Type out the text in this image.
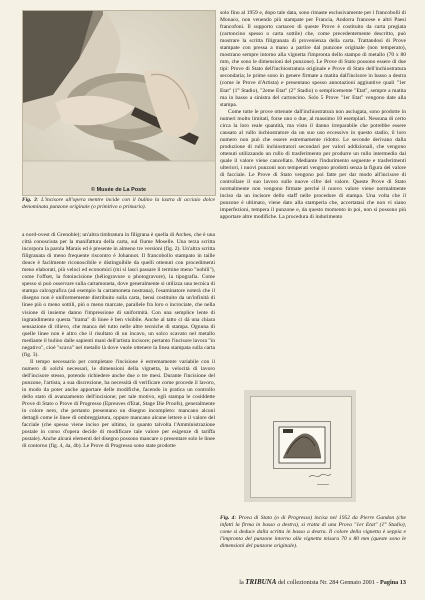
© Musée de La Poste
Fig. 3: L'incisore all'opera mentre incide con il bulino la lastra di acciaio dolce denominata punzone originale (o primitivo o primario).

a nord-ovest di Grenoble); un'altra timbratura in filigrana è quella di Arches, che è una città conosciuta per la manifattura della carta, sul fiume Moselle. Una terza scritta incorpora la parola Marais ed è presente in almeno tre versioni (fig. 2). Un'altra scritta filigranata di meno frequente riscontro è Johannot. Il francobollo stampato in taille douce è facilmente riconoscibile e distinguibile da quelli ottenuti con procedimenti meno elaborati, più veloci ed economici (mi si lasci passare il termine meno "nobili"), come l'offset, la fotoincisione (héliogravure o photogravure), la tipografia. Come spesso si può osservare sulla cartamoneta, dove generalmente si utilizza una tecnica di stampa calcografica (ad esempio la cartamoneta nostrana), l'esaminatore noterà che il disegno non è uniformemente distribuito sulla carta, bensì costituito da un'infinità di linee più o meno sottili, più o meno marcate, parallele fra loro o incrociate, che nella visione di insieme danno l'impressione di uniformità. Con una semplice lente di ingrandimento questa "trama" di linee è ben visibile. Anche al tatto ci dà una chiara sensazione di rilievo, che manca del tutto nelle altre tecniche di stampa. Ognuna di quelle linee non è altro che il risultato di un incavo, un solco scavato nel metallo mediante il bulino dalle sapienti mani dell'artista incisore; pertanto l'incisore lavora "in negativo", cioè "scava" nel metallo là dove vuole ottenere la linea stampata sulla carta (fig. 3).

Il tempo necessario per completare l'incisione è estremamente variabile con il numero di solchi necessari, le dimensioni della vignetta, la velocità di lavoro dell'incisore stesso, potendo richiedere anche due o tre mesi. Durante l'incisione del punzone, l'artista, a sua discrezione, ha necessità di verificare come procede il lavoro, in modo da poter anche apportare delle modifiche, facendo in pratica un controllo dello stato di avanzamento dell'incisione; per tale motivo, egli stampa le cosiddette Prove di Stato o Prove di Progresso (Epreuves d'Etat, Stage Die Proofs), generalmente in colore nero, che pertanto presentano un disegno incompleto: mancano alcuni dettagli come le linee di ombreggiatura, oppure mancano alcune lettere o il valore del facciale (che spesso viene inciso per ultimo, in quanto talvolta l'Amministrazione postale in corso d'opera decide di modificare tale valore per esigenze di tariffa postale). Anche alcuni elementi del disegno possono mancare o presentare solo le linee di contorno (fig. 4, 4a, 4b). Le Prove di Progresso sono state prodotte

solo fino al 1959 e, dopo tale data, sono rimaste esclusivamente per i francobolli di Monaco, non venendo più stampate per Francia, Andorra francese e altri Paesi francofoni. Il supporto cartaceo di queste Prove è costituito da carta pregiata (cartoncino spesso o carta sottile) che, come precedentemente descritto, può mostrare la scritta filigranata di provenienza della carta. Trattandosi di Prove stampate con pressa a mano a partire dal punzone originale (non temperato), mostrano sempre intorno alla vignetta l'impronta dello stampo di metallo (70 x 80 mm, che sono le dimensioni del punzone). Le Prove di Stato possono essere di due tipi: Prove di Stato dell'inchiostratura originale e Prove di Stato dell'inchiostratura secondaria; le prime sono in genere firmate a matita dall'incisore in basso a destra (come le Prove d'Artista) e presentano spesso annotazioni aggiuntive quali "1er Etat" (1° Stadio), "2eme Etat" (2° Stadio) o semplicemente "Etat", sempre a matita ma in basso a sinistra del cartoncino. Solo 5 Prove "1er Etat" vengono date alla stampa.

Come tutte le prove ottenute dall'inchiostratura non asciugata, sono prodotte in numeri molto limitati, forse uno o due, al massimo 10 esemplari. Nessuna di certo circa la loro reale quantità, ma visto il danno irreparabile che potrebbe essere causato al rullo inchiostratore da un suo uso eccessivo in questo stadio, il loro numero non può che essere estremamente ridotto. Le seconde derivano dalla produzione di rulli inchiostratori secondari per valori addizionali, che vengono ottenuti utilizzando un rullo di trasferimento per produrre un rullo intermedio dal quale il valore viene cancellato. Mediante l'indurimento seguente e trasferimenti ulteriori, i nuovi punzoni non temperati vengono prodotti senza la figura del valore di facciale. Le Prove di Stato vengono poi fatte per dar modo all'incisore di controllare il suo lavoro sulle nuove cifre del valore. Queste Prove di Stato normalmente non vengono firmate perché il nuovo valore viene normalmente inciso da un incisore dello staff nelle procedure di stampa. Una volta che il punzone è ultimato, viene dato alla stamperia che, accertatasi che non vi siano imperfezioni, tempera il punzone e, da questo momento in poi, non si possono più apportare altre modifiche. La procedura di indurimento

Fig. 4: Prova di Stato (o di Progresso) incisa nel 1952 da Pierre Gandon (che infatti la firma in basso a destra), si tratta di una Prova "1er Etat" (1° Stadio), come si deduce dalla scritta in basso a destra. Il colore della vignetta è seppia e l'impronta del punzone intorno alla vignetta misura 70 x 80 mm (queste sono le dimensioni del punzone originale).
la TRIBUNA del collezionista Nr. 284 Gennaio 2001 - Pagina 13
